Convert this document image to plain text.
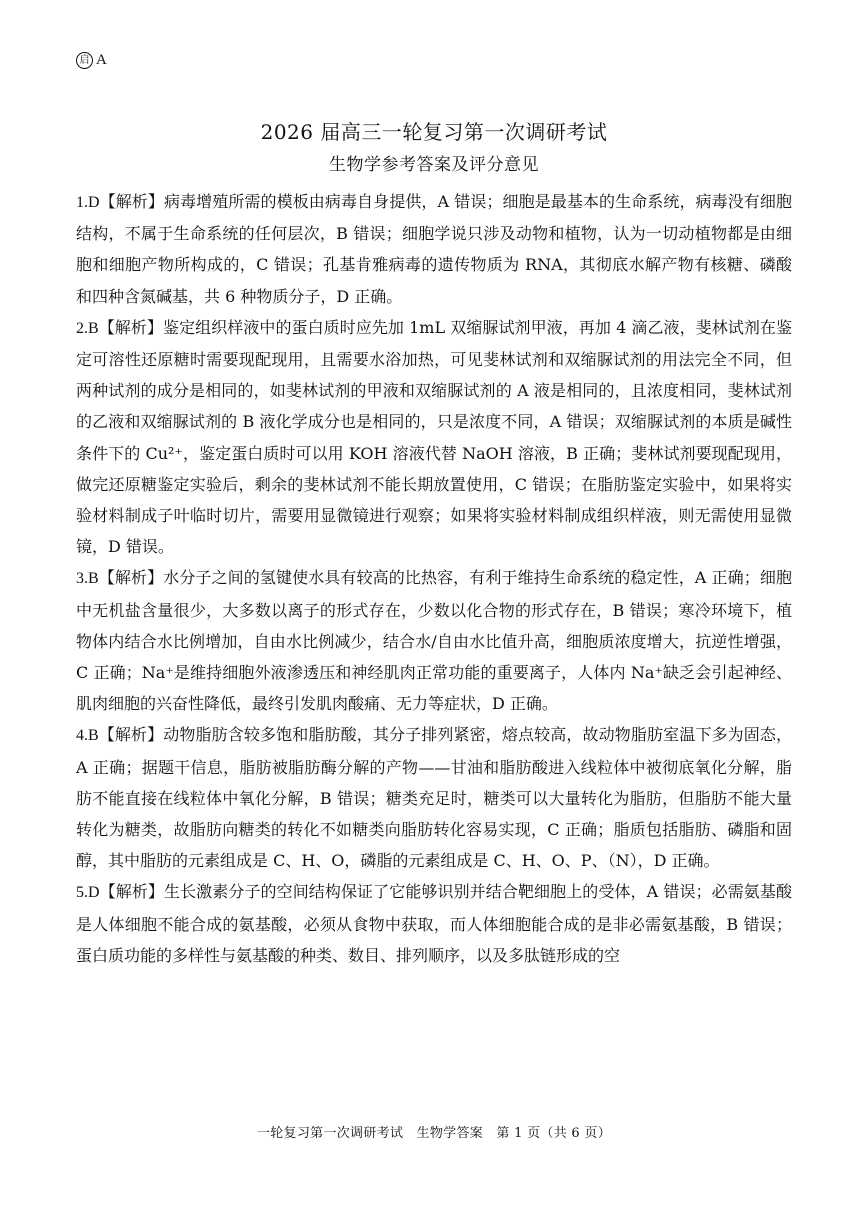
启 A
2026 届高三一轮复习第一次调研考试
生物学参考答案及评分意见

1.D【解析】病毒增殖所需的模板由病毒自身提供，A 错误；细胞是最基本的生命系统，病毒没有细胞结构，不属于生命系统的任何层次，B 错误；细胞学说只涉及动物和植物，认为一切动植物都是由细胞和细胞产物所构成的，C 错误；孔基肯雅病毒的遗传物质为 RNA，其彻底水解产物有核糖、磷酸和四种含氮碱基，共 6 种物质分子，D 正确。

2.B【解析】鉴定组织样液中的蛋白质时应先加 1mL 双缩脲试剂甲液，再加 4 滴乙液，斐林试剂在鉴定可溶性还原糖时需要现配现用，且需要水浴加热，可见斐林试剂和双缩脲试剂的用法完全不同，但两种试剂的成分是相同的，如斐林试剂的甲液和双缩脲试剂的 A 液是相同的，且浓度相同，斐林试剂的乙液和双缩脲试剂的 B 液化学成分也是相同的，只是浓度不同，A 错误；双缩脲试剂的本质是碱性条件下的 Cu²⁺，鉴定蛋白质时可以用 KOH 溶液代替 NaOH 溶液，B 正确；斐林试剂要现配现用，做完还原糖鉴定实验后，剩余的斐林试剂不能长期放置使用，C 错误；在脂肪鉴定实验中，如果将实验材料制成子叶临时切片，需要用显微镜进行观察；如果将实验材料制成组织样液，则无需使用显微镜，D 错误。

3.B【解析】水分子之间的氢键使水具有较高的比热容，有利于维持生命系统的稳定性，A 正确；细胞中无机盐含量很少，大多数以离子的形式存在，少数以化合物的形式存在，B 错误；寒冷环境下，植物体内结合水比例增加，自由水比例减少，结合水/自由水比值升高，细胞质浓度增大，抗逆性增强，C 正确；Na⁺是维持细胞外液渗透压和神经肌肉正常功能的重要离子，人体内 Na⁺缺乏会引起神经、肌肉细胞的兴奋性降低，最终引发肌肉酸痛、无力等症状，D 正确。

4.B【解析】动物脂肪含较多饱和脂肪酸，其分子排列紧密，熔点较高，故动物脂肪室温下多为固态，A 正确；据题干信息，脂肪被脂肪酶分解的产物——甘油和脂肪酸进入线粒体中被彻底氧化分解，脂肪不能直接在线粒体中氧化分解，B 错误；糖类充足时，糖类可以大量转化为脂肪，但脂肪不能大量转化为糖类，故脂肪向糖类的转化不如糖类向脂肪转化容易实现，C 正确；脂质包括脂肪、磷脂和固醇，其中脂肪的元素组成是 C、H、O，磷脂的元素组成是 C、H、O、P、（N），D 正确。

5.D【解析】生长激素分子的空间结构保证了它能够识别并结合靶细胞上的受体，A 错误；必需氨基酸是人体细胞不能合成的氨基酸，必须从食物中获取，而人体细胞能合成的是非必需氨基酸，B 错误；蛋白质功能的多样性与氨基酸的种类、数目、排列顺序，以及多肽链形成的空

一轮复习第一次调研考试　生物学答案　第 1 页（共 6 页）
